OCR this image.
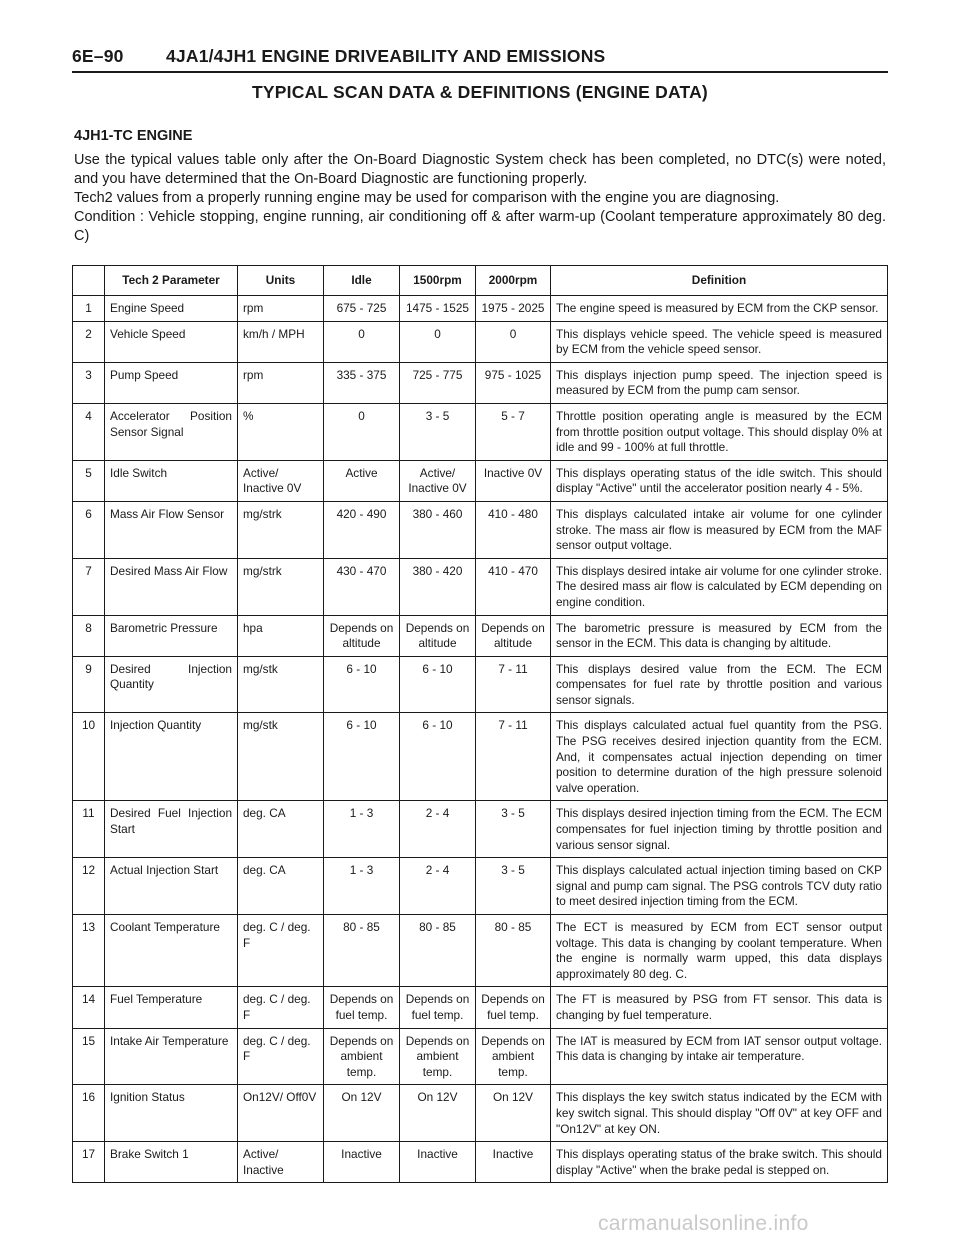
6E–90 4JA1/4JH1 ENGINE DRIVEABILITY AND EMISSIONS
TYPICAL SCAN DATA & DEFINITIONS (ENGINE DATA)
4JH1-TC ENGINE

Use the typical values table only after the On-Board Diagnostic System check has been completed, no DTC(s) were noted, and you have determined that the On-Board Diagnostic are functioning properly.

Tech2 values from a properly running engine may be used for comparison with the engine you are diagnosing.

Condition : Vehicle stopping, engine running, air conditioning off & after warm-up (Coolant temperature approximately 80 deg. C)

	Tech 2 Parameter	Units	Idle	1500rpm	2000rpm	Definition
1	Engine Speed	rpm	675 - 725	1475 - 1525	1975 - 2025	The engine speed is measured by ECM from the CKP sensor.
2	Vehicle Speed	km/h / MPH	0	0	0	This displays vehicle speed. The vehicle speed is measured by ECM from the vehicle speed sensor.
3	Pump Speed	rpm	335 - 375	725 - 775	975 - 1025	This displays injection pump speed. The injection speed is measured by ECM from the pump cam sensor.
4	Accelerator Position Sensor Signal	%	0	3 - 5	5 - 7	Throttle position operating angle is measured by the ECM from throttle position output voltage. This should display 0% at idle and 99 - 100% at full throttle.
5	Idle Switch	Active/ Inactive 0V	Active	Active/ Inactive 0V	Inactive 0V	This displays operating status of the idle switch. This should display "Active" until the accelerator position nearly 4 - 5%.
6	Mass Air Flow Sensor	mg/strk	420 - 490	380 - 460	410 - 480	This displays calculated intake air volume for one cylinder stroke. The mass air flow is measured by ECM from the MAF sensor output voltage.
7	Desired Mass Air Flow	mg/strk	430 - 470	380 - 420	410 - 470	This displays desired intake air volume for one cylinder stroke. The desired mass air flow is calculated by ECM depending on engine condition.
8	Barometric Pressure	hpa	Depends on altitude	Depends on altitude	Depends on altitude	The barometric pressure is measured by ECM from the sensor in the ECM. This data is changing by altitude.
9	Desired Injection Quantity	mg/stk	6 - 10	6 - 10	7 - 11	This displays desired value from the ECM. The ECM compensates for fuel rate by throttle position and various sensor signals.
10	Injection Quantity	mg/stk	6 - 10	6 - 10	7 - 11	This displays calculated actual fuel quantity from the PSG. The PSG receives desired injection quantity from the ECM. And, it compensates actual injection depending on timer position to determine duration of the high pressure solenoid valve operation.
11	Desired Fuel Injection Start	deg. CA	1 - 3	2 - 4	3 - 5	This displays desired injection timing from the ECM. The ECM compensates for fuel injection timing by throttle position and various sensor signal.
12	Actual Injection Start	deg. CA	1 - 3	2 - 4	3 - 5	This displays calculated actual injection timing based on CKP signal and pump cam signal. The PSG controls TCV duty ratio to meet desired injection timing from the ECM.
13	Coolant Temperature	deg. C / deg. F	80 - 85	80 - 85	80 - 85	The ECT is measured by ECM from ECT sensor output voltage. This data is changing by coolant temperature. When the engine is normally warm upped, this data displays approximately 80 deg. C.
14	Fuel Temperature	deg. C / deg. F	Depends on fuel temp.	Depends on fuel temp.	Depends on fuel temp.	The FT is measured by PSG from FT sensor. This data is changing by fuel temperature.
15	Intake Air Temperature	deg. C / deg. F	Depends on ambient temp.	Depends on ambient temp.	Depends on ambient temp.	The IAT is measured by ECM from IAT sensor output voltage. This data is changing by intake air temperature.
16	Ignition Status	On12V/ Off0V	On 12V	On 12V	On 12V	This displays the key switch status indicated by the ECM with key switch signal. This should display "Off 0V" at key OFF and "On12V" at key ON.
17	Brake Switch 1	Active/ Inactive	Inactive	Inactive	Inactive	This displays operating status of the brake switch. This should display "Active" when the brake pedal is stepped on.
carmanualsonline.info
